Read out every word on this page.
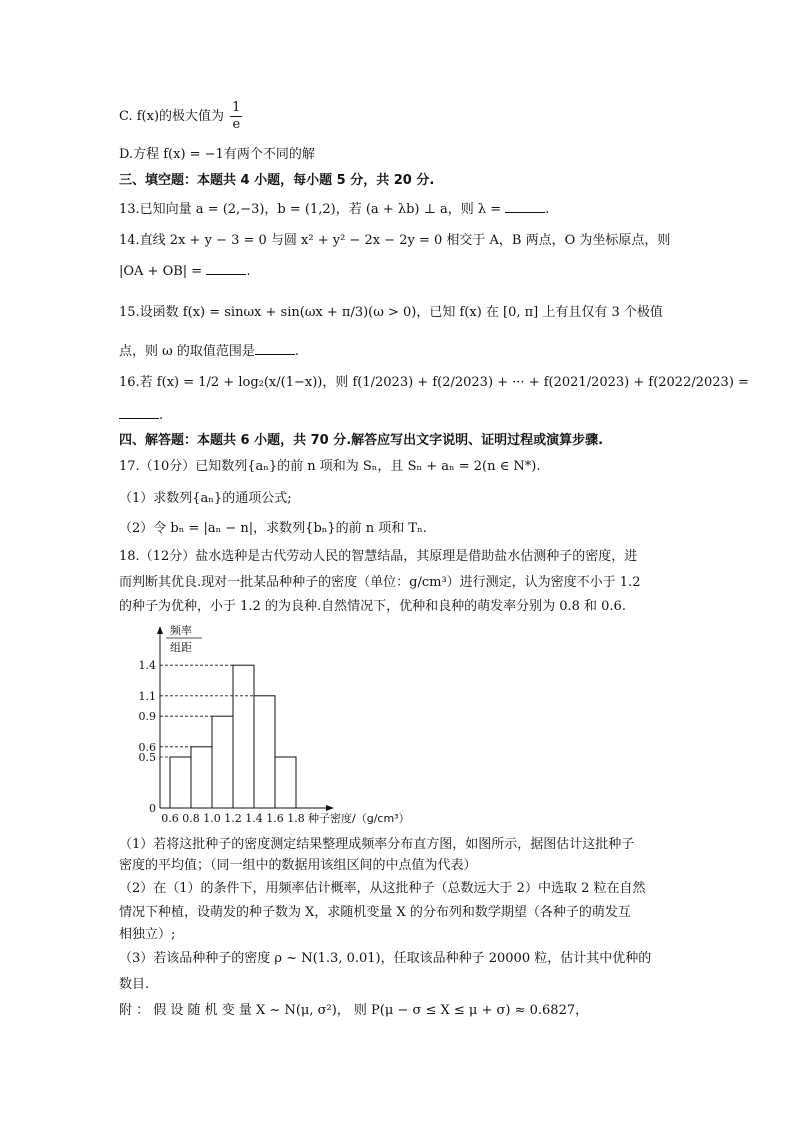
C. f(x)的极大值为 $\frac{1}{e}$
D.方程 f(x) = −1有两个不同的解
三、填空题：本题共 4 小题，每小题 5 分，共 20 分.
13.已知向量 a = (2,−3)，b = (1,2)，若 (a + λb) ⊥ a，则 λ =	.
14.直线 2x + y − 3 = 0 与圆 x² + y² − 2x − 2y = 0 相交于 A，B 两点，O 为坐标原点，则
|OA + OB| =	.
15.设函数 f(x) = sinωx + sin(ωx + π/3)(ω > 0)，已知 f(x) 在 [0, π] 上有且仅有 3 个极值
点，则 ω 的取值范围是	.
16.若 f(x) = 1/2 + log₂(x/(1−x))，则 f(1/2023) + f(2/2023) + ··· + f(2021/2023) + f(2022/2023) =
.
四、解答题：本题共 6 小题，共 70 分.解答应写出文字说明、证明过程或演算步骤.
17.（10分）已知数列{aₙ}的前 n 项和为 Sₙ，且 Sₙ + aₙ = 2(n ∈ N*).
（1）求数列{aₙ}的通项公式;
（2）令 bₙ = |aₙ − n|，求数列{bₙ}的前 n 项和 Tₙ.
18.（12分）盐水选种是古代劳动人民的智慧结晶，其原理是借助盐水估测种子的密度，进
而判断其优良.现对一批某品种种子的密度（单位：g/cm³）进行测定，认为密度不小于 1.2
的种子为优种，小于 1.2 的为良种.自然情况下，优种和良种的萌发率分别为 0.8 和 0.6.
0.5
0.6
0.9
1.1
1.4
0
0.6 0.8 1.0 1.2 1.4 1.6 1.8 种子密度/（g/cm³）
频率
组距
（1）若将这批种子的密度测定结果整理成频率分布直方图，如图所示，据图估计这批种子
密度的平均值；（同一组中的数据用该组区间的中点值为代表）
（2）在（1）的条件下，用频率估计概率，从这批种子（总数远大于 2）中选取 2 粒在自然
情况下种植，设萌发的种子数为 X，求随机变量 X 的分布列和数学期望（各种子的萌发互
相独立）;
（3）若该品种种子的密度 ρ ~ N(1.3, 0.01)，任取该品种种子 20000 粒，估计其中优种的
数目.
附 ： 假 设 随 机 变 量 X ~ N(μ, σ²)， 则 P(μ − σ ≤ X ≤ μ + σ) ≈ 0.6827，
